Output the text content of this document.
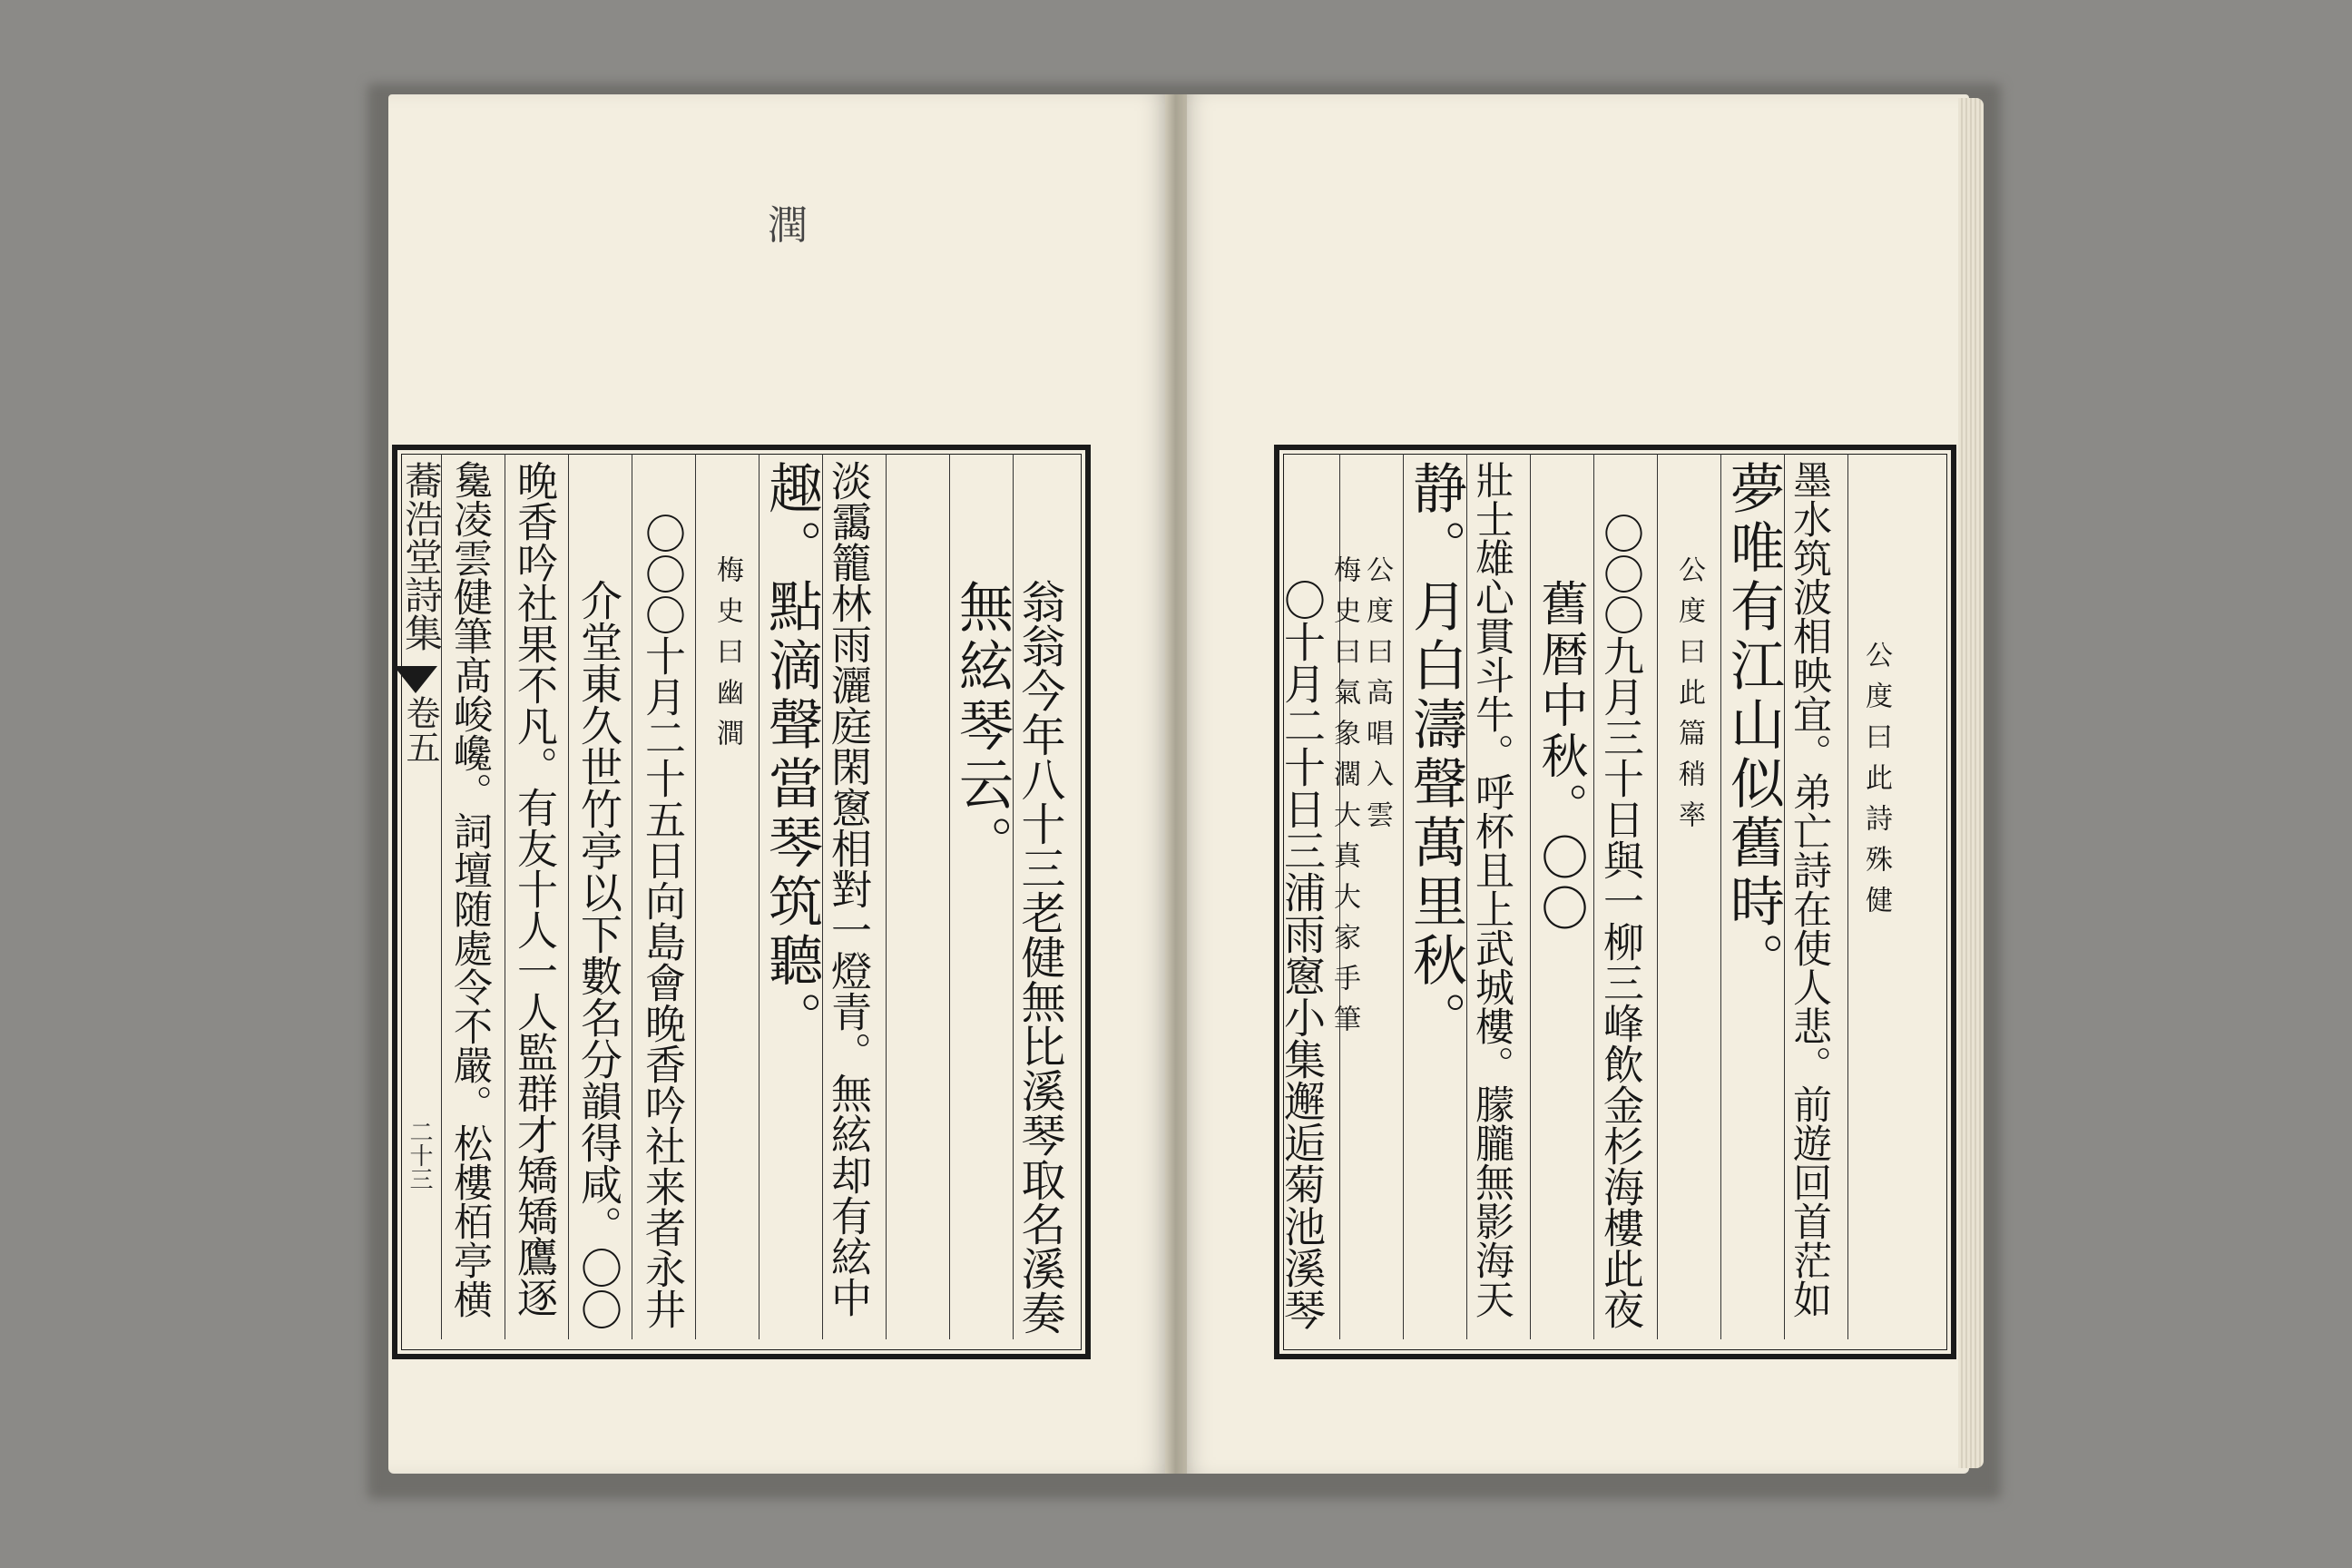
潤
蕎浩堂詩集
卷五
二十三	翁翁今年八十三老健無比溪琴取名溪奏
無絃琴云。
淡靄籠林雨灑庭閑窻相對一燈青。無絃却有絃中
趣。點滴聲當琴筑聽。
梅史曰幽澗
〇〇〇十月二十五日向島會晚香吟社来者永井
介堂東久世竹亭以下數名分韻得咸。〇〇
晚香吟社果不凡。有友十人一人監群才矯矯鷹逐
毚凌雲健筆髙峻巉。詞壇随處令不嚴。松樓栢亭横	公度曰此詩殊健
墨水筑波相映宜。弟亡詩在使人悲。前遊回首茫如
夢唯有江山似舊時。
公度曰此篇稍率
〇〇〇九月三十日與一柳三峰飲金杉海樓此夜
舊暦中秋。〇〇
壯士雄心貫斗牛。呼杯且上武城樓。朦朧無影海天
静。月白濤聲萬里秋。
公度曰高唱入雲
梅史曰氣象濶大真大家手筆
〇十月二十日三浦雨窻小集邂逅菊池溪琴
